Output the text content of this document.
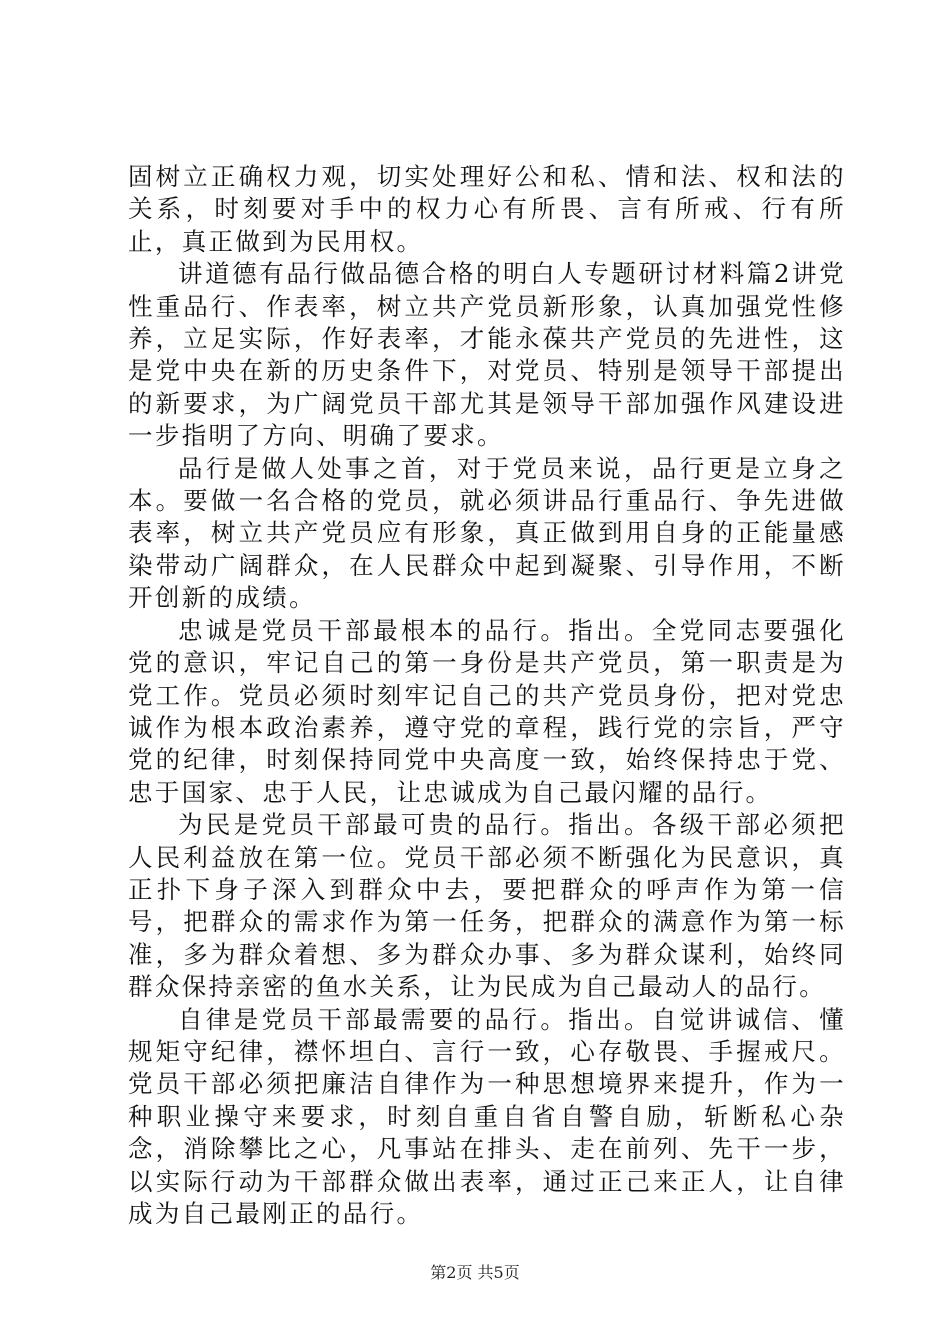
固树立正确权力观，切实处理好公和私、情和法、权和法的关系，时刻要对手中的权力心有所畏、言有所戒、行有所止，真正做到为民用权。

讲道德有品行做品德合格的明白人专题研讨材料篇2讲党性重品行、作表率，树立共产党员新形象，认真加强党性修养，立足实际，作好表率，才能永葆共产党员的先进性，这是党中央在新的历史条件下，对党员、特别是领导干部提出的新要求，为广阔党员干部尤其是领导干部加强作风建设进一步指明了方向、明确了要求。

品行是做人处事之首，对于党员来说，品行更是立身之本。要做一名合格的党员，就必须讲品行重品行、争先进做表率，树立共产党员应有形象，真正做到用自身的正能量感染带动广阔群众，在人民群众中起到凝聚、引导作用，不断开创新的成绩。

忠诚是党员干部最根本的品行。指出。全党同志要强化党的意识，牢记自己的第一身份是共产党员，第一职责是为党工作。党员必须时刻牢记自己的共产党员身份，把对党忠诚作为根本政治素养，遵守党的章程，践行党的宗旨，严守党的纪律，时刻保持同党中央高度一致，始终保持忠于党、忠于国家、忠于人民，让忠诚成为自己最闪耀的品行。

为民是党员干部最可贵的品行。指出。各级干部必须把人民利益放在第一位。党员干部必须不断强化为民意识，真正扑下身子深入到群众中去，要把群众的呼声作为第一信号，把群众的需求作为第一任务，把群众的满意作为第一标准，多为群众着想、多为群众办事、多为群众谋利，始终同群众保持亲密的鱼水关系，让为民成为自己最动人的品行。

自律是党员干部最需要的品行。指出。自觉讲诚信、懂规矩守纪律，襟怀坦白、言行一致，心存敬畏、手握戒尺。党员干部必须把廉洁自律作为一种思想境界来提升，作为一种职业操守来要求，时刻自重自省自警自励，斩断私心杂念，消除攀比之心，凡事站在排头、走在前列、先干一步，以实际行动为干部群众做出表率，通过正己来正人，让自律成为自己最刚正的品行。

第2页 共5页
